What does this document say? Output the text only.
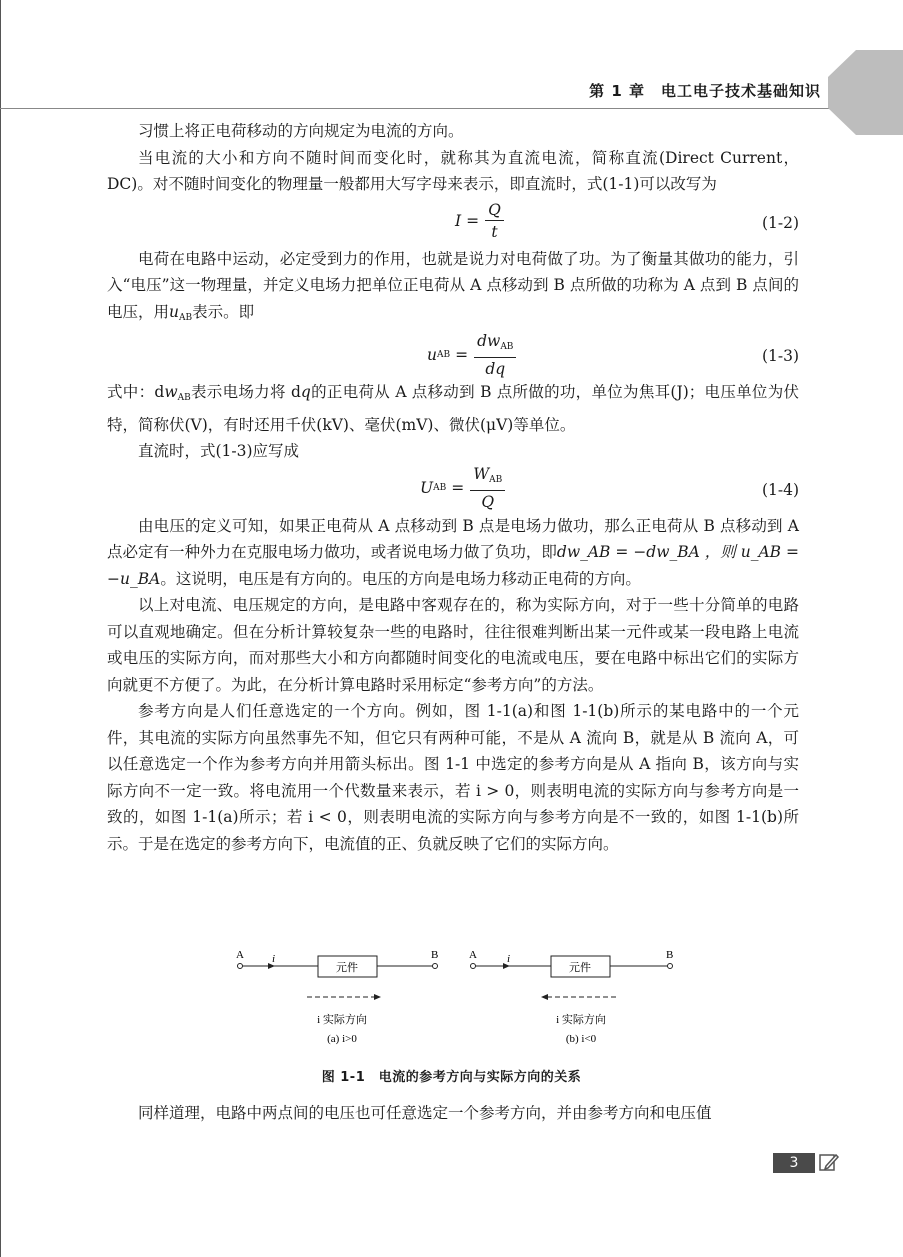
第 1 章　电工电子技术基础知识

习惯上将正电荷移动的方向规定为电流的方向。

当电流的大小和方向不随时间而变化时，就称其为直流电流，简称直流(Direct Current，DC)。对不随时间变化的物理量一般都用大写字母来表示，即直流时，式(1-1)可以改写为

$I = \frac{Q}{t}$	(1-2)

电荷在电路中运动，必定受到力的作用，也就是说力对电荷做了功。为了衡量其做功的能力，引入“电压”这一物理量，并定义电场力把单位正电荷从 A 点移动到 B 点所做的功称为 A 点到 B 点间的电压，用$u_{AB}$表示。即

u AB = $\frac{dw_{AB}}{dq}$	(1-3)

式中：$dw_{AB}$表示电场力将 dq的正电荷从 A 点移动到 B 点所做的功，单位为焦耳(J)；电压单位为伏特，简称伏(V)，有时还用千伏(kV)、毫伏(mV)、微伏(μV)等单位。

直流时，式(1-3)应写成

U AB = $\frac{W_{AB}}{Q}$	(1-4)

由电压的定义可知，如果正电荷从 A 点移动到 B 点是电场力做功，那么正电荷从 B 点移动到 A 点必定有一种外力在克服电场力做功，或者说电场力做了负功，即dw_AB = −dw_BA ，则 u_AB = −u_BA。这说明，电压是有方向的。电压的方向是电场力移动正电荷的方向。

以上对电流、电压规定的方向，是电路中客观存在的，称为实际方向，对于一些十分简单的电路可以直观地确定。但在分析计算较复杂一些的电路时，往往很难判断出某一元件或某一段电路上电流或电压的实际方向，而对那些大小和方向都随时间变化的电流或电压，要在电路中标出它们的实际方向就更不方便了。为此，在分析计算电路时采用标定“参考方向”的方法。

参考方向是人们任意选定的一个方向。例如，图 1-1(a)和图 1-1(b)所示的某电路中的一个元件，其电流的实际方向虽然事先不知，但它只有两种可能，不是从 A 流向 B，就是从 B 流向 A，可以任意选定一个作为参考方向并用箭头标出。图 1-1 中选定的参考方向是从 A 指向 B，该方向与实际方向不一定一致。将电流用一个代数量来表示，若 i > 0，则表明电流的实际方向与参考方向是一致的，如图 1-1(a)所示；若 i < 0，则表明电流的实际方向与参考方向是不一致的，如图 1-1(b)所示。于是在选定的参考方向下，电流值的正、负就反映了它们的实际方向。

A	i
元件
B
i 实际方向
(a) i>0
A	i
元件
B
i 实际方向
(b) i<0
图 1-1　电流的参考方向与实际方向的关系
同样道理，电路中两点间的电压也可任意选定一个参考方向，并由参考方向和电压值
3
